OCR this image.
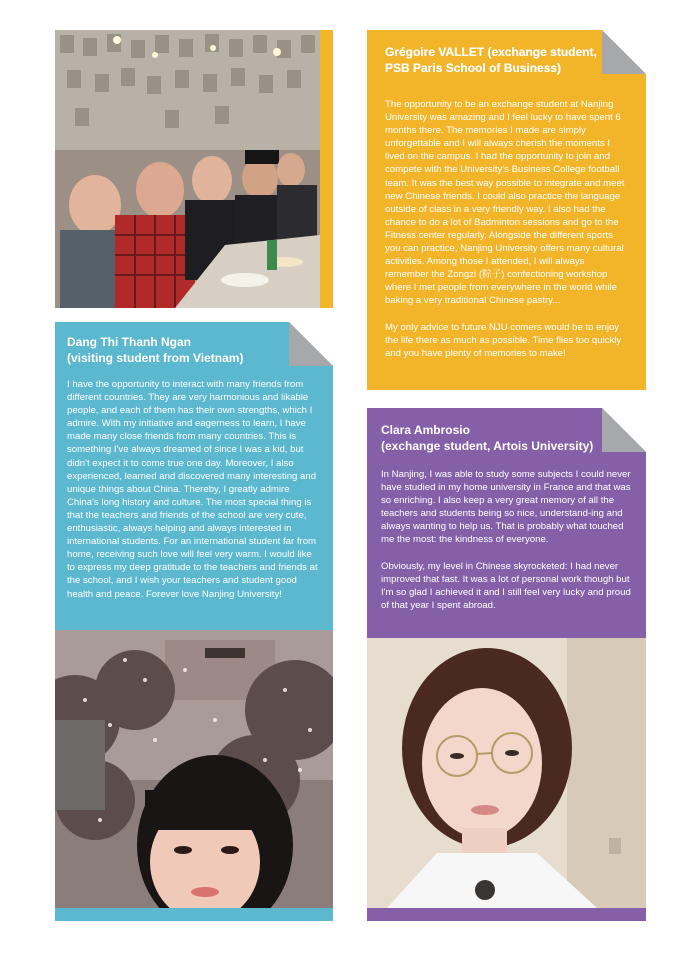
Grégoire VALLET (exchange student,
PSB Paris School of Business)

The opportunity to be an exchange student at Nanjing University was amazing and I feel lucky to have spent 6 months there. The memories I made are simply unforgettable and I will always cherish the moments I lived on the campus. I had the opportunity to join and compete with the University's Business College football team. It was the best way possible to integrate and meet new Chinese friends. I could also practice the language outside of class in a very friendly way. I also had the chance to do a lot of Badminton sessions and go to the Fitness center regularly. Alongside the different sports you can practice, Nanjing University offers many cultural activities. Among those I attended, I will always remember the Zongzi (粽子) confectioning workshop where I met people from everywhere in the world while baking a very traditional Chinese pastry...

My only advice to future NJU comers would be to enjoy the life there as much as possible. Time flies too quickly and you have plenty of memories to make!

Dang Thi Thanh Ngan
(visiting student from Vietnam)

I have the opportunity to interact with many friends from different countries. They are very harmonious and likable people, and each of them has their own strengths, which I admire. With my initiative and eagerness to learn, I have made many close friends from many countries. This is something I've always dreamed of since I was a kid, but didn't expect it to come true one day. Moreover, I also experienced, learned and discovered many interesting and unique things about China. Thereby, I greatly admire China's long history and culture. The most special thing is that the teachers and friends of the school are very cute, enthusiastic, always helping and always interested in international students. For an international student far from home, receiving such love will feel very warm. I would like to express my deep gratitude to the teachers and friends at the school, and I wish your teachers and student good health and peace. Forever love Nanjing University!

Clara Ambrosio
(exchange student, Artois University)

In Nanjing, I was able to study some subjects I could never have studied in my home university in France and that was so enriching. I also keep a very great memory of all the teachers and students being so nice, understand-ing and always wanting to help us. That is probably what touched me the most: the kindness of everyone.

Obviously, my level in Chinese skyrocketed: I had never improved that fast. It was a lot of personal work though but I'm so glad I achieved it and I still feel very lucky and proud of that year I spent abroad.
